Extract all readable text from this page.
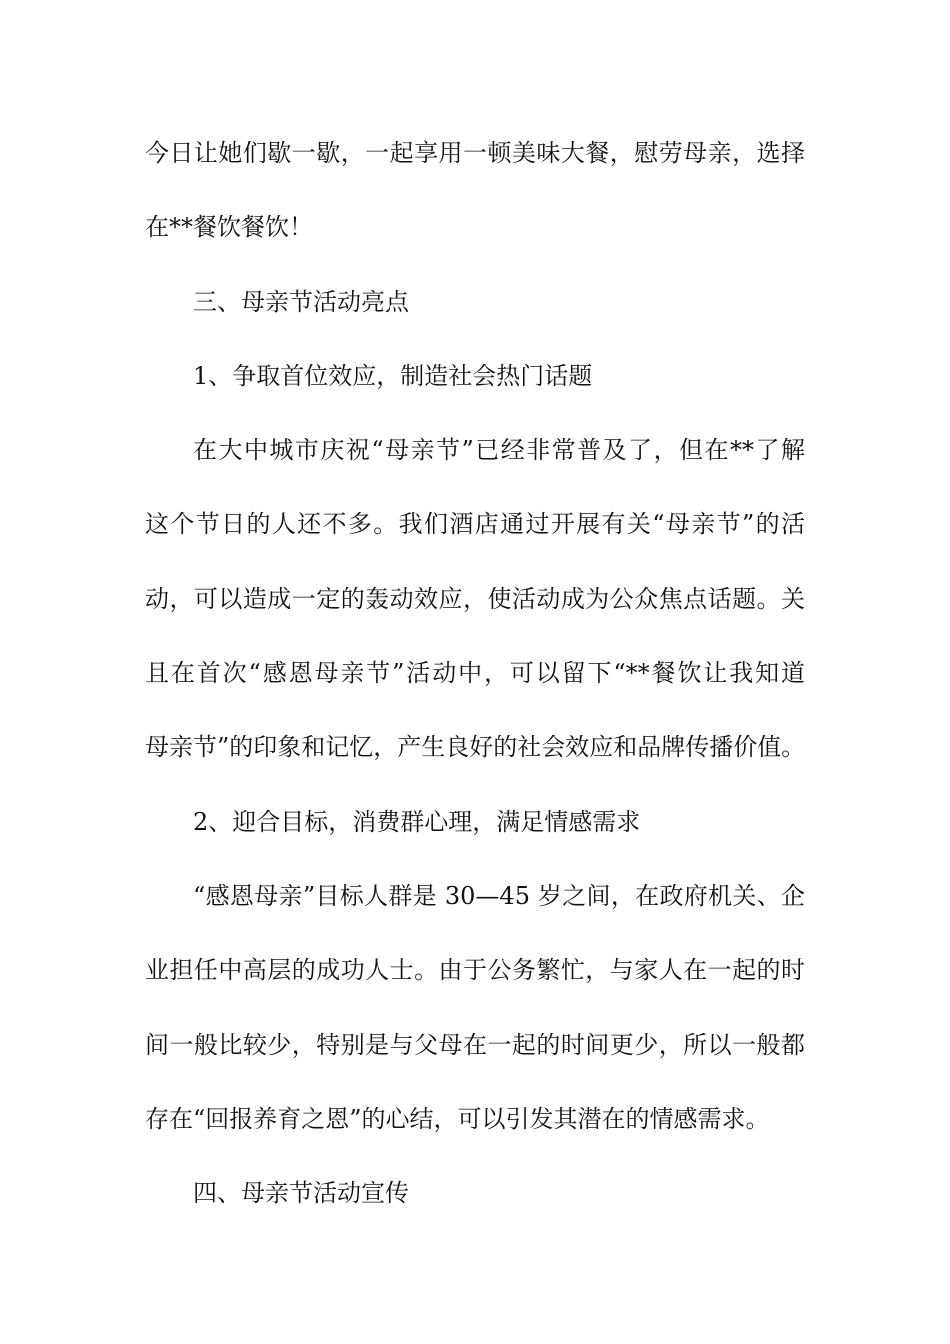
今日让她们歇一歇，一起享用一顿美味大餐，慰劳母亲，选择
在**餐饮餐饮！
三、母亲节活动亮点
1、争取首位效应，制造社会热门话题
在大中城市庆祝“母亲节”已经非常普及了，但在**了解
这个节日的人还不多。我们酒店通过开展有关“母亲节”的活
动，可以造成一定的轰动效应，使活动成为公众焦点话题。关
且在首次“感恩母亲节”活动中，可以留下“**餐饮让我知道
母亲节”的印象和记忆，产生良好的社会效应和品牌传播价值。
2、迎合目标，消费群心理，满足情感需求
“感恩母亲”目标人群是 30—45 岁之间，在政府机关、企
业担任中高层的成功人士。由于公务繁忙，与家人在一起的时
间一般比较少，特别是与父母在一起的时间更少，所以一般都
存在“回报养育之恩”的心结，可以引发其潜在的情感需求。
四、母亲节活动宣传
